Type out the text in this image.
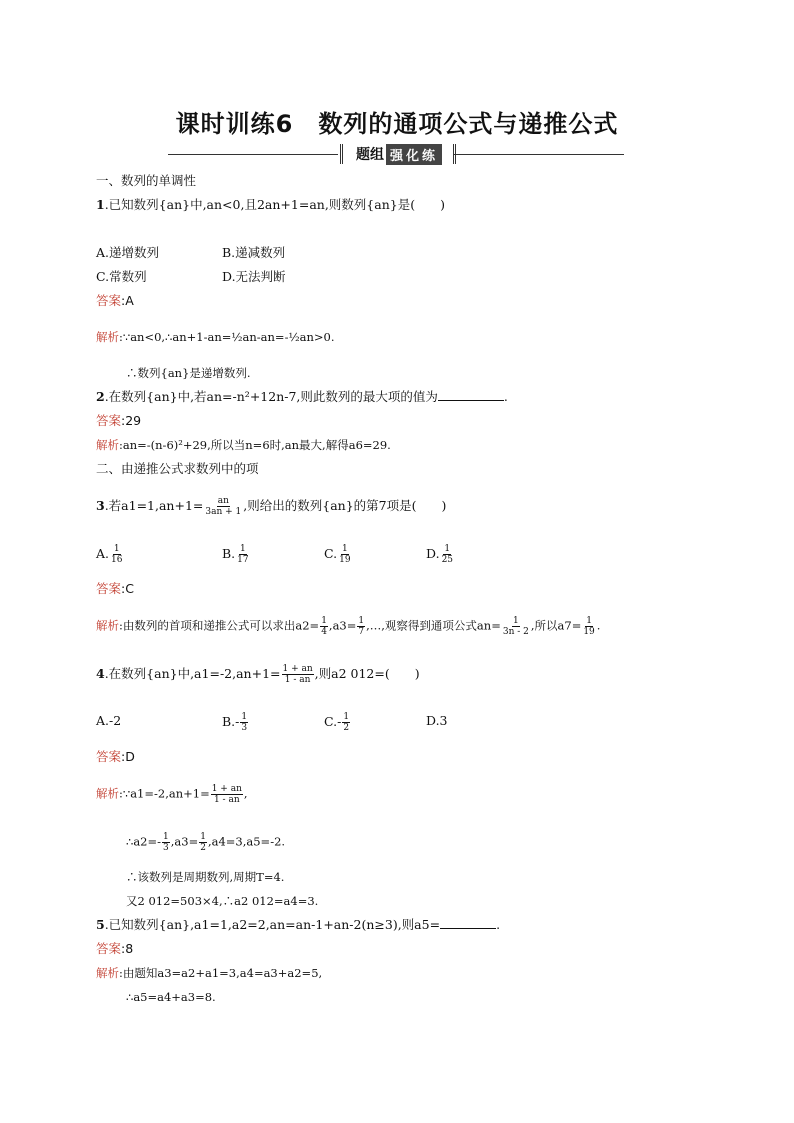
课时训练6　数列的通项公式与递推公式
题组 强化练
一、数列的单调性
1.已知数列{an}中,an<0,且2an+1=an,则数列{an}是(　　)
A.递增数列	B.递减数列
C.常数列	D.无法判断
答案:A
解析:∵an<0,∴an+1-an=½an-an=-½an>0.
∴数列{an}是递增数列.
2.在数列{an}中,若an=-n²+12n-7,则此数列的最大项的值为	.
答案:29
解析:an=-(n-6)²+29,所以当n=6时,an最大,解得a6=29.
二、由递推公式求数列中的项
3.若$a1=1,an+1= \frac{an}{3an + 1}$ ,则给出的数列{an}的第7项是(　　)
A. $\frac{1}{16}$	B. $\frac{1}{17}$	C. $\frac{1}{19}$	D. $\frac{1}{25}$
答案:C
解析:由数列的首项和递推公式可以求出$a2= \frac{1}{4} ,a3= \frac{1}{7}$ ,…,观察得到通项公式$an= \frac{1}{3n - 2}$ ,所以$a7= \frac{1}{19}$ .
4.在数列{an}中$,a1=-2,an+1= \frac{1 + an}{1 - an}$ ,则a2 012=(　　)
A.-2	$B.- \frac{1}{3}$	$C.- \frac{1}{2}$	D.3
答案:D
解析:∵a1=-2,an+1= $\frac{1 + an}{1 - an}$ ,
∴a2=- $\frac{1}{3} ,a3= \frac{1}{2} ,a4=3,a5=-2$.
∴该数列是周期数列,周期T=4.
又2 012=503×4,∴a2 012=a4=3.
5.已知数列{an},a1=1,a2=2,an=an-1+an-2(n≥3),则a5=	.
答案:8
解析:由题知a3=a2+a1=3,a4=a3+a2=5,
∴a5=a4+a3=8.
